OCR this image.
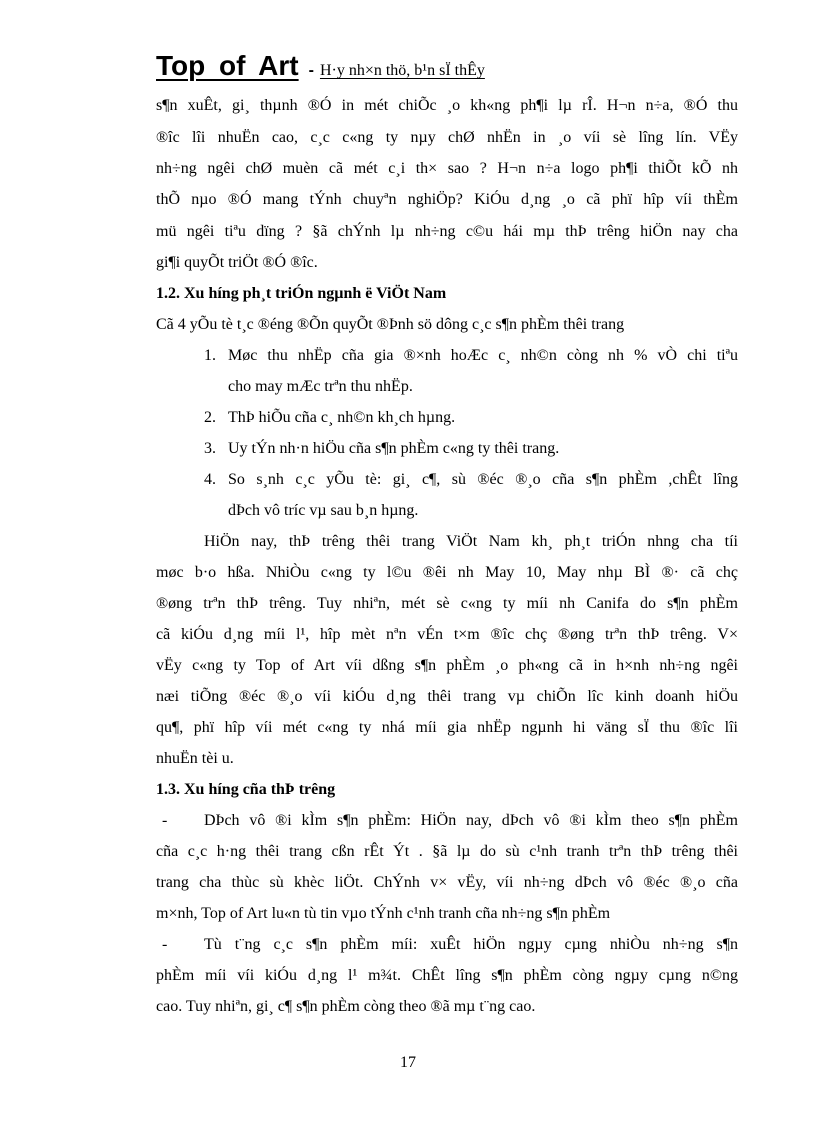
Top of Art - H·y nh×n thö, b¹n sÏ thÊy
s¶n xuÊt, gi¸ thµnh ®Ó in mét chiÕc ¸o kh«ng ph¶i lµ rÎ. H¬n n÷a, ®Ó thu
®îc lîi nhuËn cao, c¸c c«ng ty nµy chØ nhËn in ¸o víi sè lîng lín. VËy
nh÷ng ngêi chØ muèn cã mét c¸i th× sao ? H¬n n÷a logo ph¶i thiÕt kÕ nh
thÕ nµo ®Ó mang tÝnh chuyªn nghiÖp? KiÓu d¸ng ¸o cã phï hîp víi thÈm
mü ngêi tiªu dïng ? §ã chÝnh lµ nh÷ng c©u hái mµ thÞ trêng hiÖn nay cha
gi¶i quyÕt triÖt ®Ó ®îc.
1.2. Xu híng ph¸t triÓn ngµnh ë ViÖt Nam
Cã 4 yÕu tè t¸c ®éng ®Õn quyÕt ®Þnh sö dông c¸c s¶n phÈm thêi trang
1. Møc thu nhËp cña gia ®×nh hoÆc c¸ nh©n còng nh % vÒ chi tiªu
cho may mÆc trªn thu nhËp.
2. ThÞ hiÕu cña c¸ nh©n kh¸ch hµng.
3. Uy tÝn nh·n hiÖu cña s¶n phÈm c«ng ty thêi trang.
4. So s¸nh c¸c yÕu tè: gi¸ c¶, sù ®éc ®¸o cña s¶n phÈm ,chÊt lîng
dÞch vô tríc vµ sau b¸n hµng.
HiÖn nay, thÞ trêng thêi trang ViÖt Nam kh¸ ph¸t triÓn nhng cha tíi
møc b·o hßa. NhiÒu c«ng ty l©u ®êi nh May 10, May nhµ BÌ ®· cã chç
®øng trªn thÞ trêng. Tuy nhiªn, mét sè c«ng ty míi nh Canifa do s¶n phÈm
cã kiÓu d¸ng míi l¹, hîp mèt nªn vÉn t×m ®îc chç ®øng trªn thÞ trêng. V×
vËy c«ng ty Top of Art víi dßng s¶n phÈm ¸o ph«ng cã in h×nh nh÷ng ngêi
næi tiÕng ®éc ®¸o víi kiÓu d¸ng thêi trang vµ chiÕn lîc kinh doanh hiÖu
qu¶, phï hîp víi mét c«ng ty nhá míi gia nhËp ngµnh hi väng sÏ thu ®îc lîi
nhuËn tèi u.
1.3. Xu híng cña thÞ trêng
- DÞch vô ®i kÌm s¶n phÈm: HiÖn nay, dÞch vô ®i kÌm theo s¶n phÈm
cña c¸c h·ng thêi trang cßn rÊt Ýt . §ã lµ do sù c¹nh tranh trªn thÞ trêng thêi
trang cha thùc sù khèc liÖt. ChÝnh v× vËy, víi nh÷ng dÞch vô ®éc ®¸o cña
m×nh, Top of Art lu«n tù tin vµo tÝnh c¹nh tranh cña nh÷ng s¶n phÈm
- Tù t¨ng c¸c s¶n phÈm míi: xuÊt hiÖn ngµy cµng nhiÒu nh÷ng s¶n
phÈm míi víi kiÓu d¸ng l¹ m¾t. ChÊt lîng s¶n phÈm còng ngµy cµng n©ng
cao. Tuy nhiªn, gi¸ c¶ s¶n phÈm còng theo ®ã mµ t¨ng cao.
17
